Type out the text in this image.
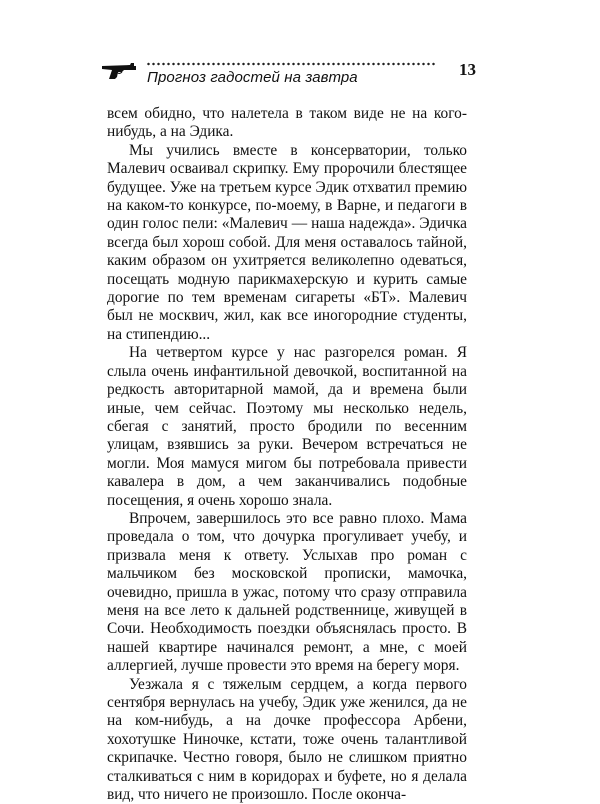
Прогноз гадостей на завтра	13

всем обидно, что налетела в таком виде не на кого-нибудь, а на Эдика.

Мы учились вместе в консерватории, только Малевич осваивал скрипку. Ему пророчили блестящее будущее. Уже на третьем курсе Эдик отхватил премию на каком-то конкурсе, по-моему, в Варне, и педагоги в один голос пели: «Малевич — наша надежда». Эдичка всегда был хорош собой. Для меня оставалось тайной, каким образом он ухитряется великолепно одеваться, посещать модную парикмахерскую и курить самые дорогие по тем временам сигареты «БТ». Малевич был не москвич, жил, как все иногородние студенты, на стипендию...

На четвертом курсе у нас разгорелся роман. Я слыла очень инфантильной девочкой, воспитанной на редкость авторитарной мамой, да и времена были иные, чем сейчас. Поэтому мы несколько недель, сбегая с занятий, просто бродили по весенним улицам, взявшись за руки. Вечером встречаться не могли. Моя мамуся мигом бы потребовала привести кавалера в дом, а чем заканчивались подобные посещения, я очень хорошо знала.

Впрочем, завершилось это все равно плохо. Мама проведала о том, что дочурка прогуливает учебу, и призвала меня к ответу. Услыхав про роман с мальчиком без московской прописки, мамочка, очевидно, пришла в ужас, потому что сразу отправила меня на все лето к дальней родственнице, живущей в Сочи. Необходимость поездки объяснялась просто. В нашей квартире начинался ремонт, а мне, с моей аллергией, лучше провести это время на берегу моря.

Уезжала я с тяжелым сердцем, а когда первого сентября вернулась на учебу, Эдик уже женился, да не на ком-нибудь, а на дочке профессора Арбени, хохотушке Ниночке, кстати, тоже очень талантливой скрипачке. Честно говоря, было не слишком приятно сталкиваться с ним в коридорах и буфете, но я делала вид, что ничего не произошло. После оконча-
